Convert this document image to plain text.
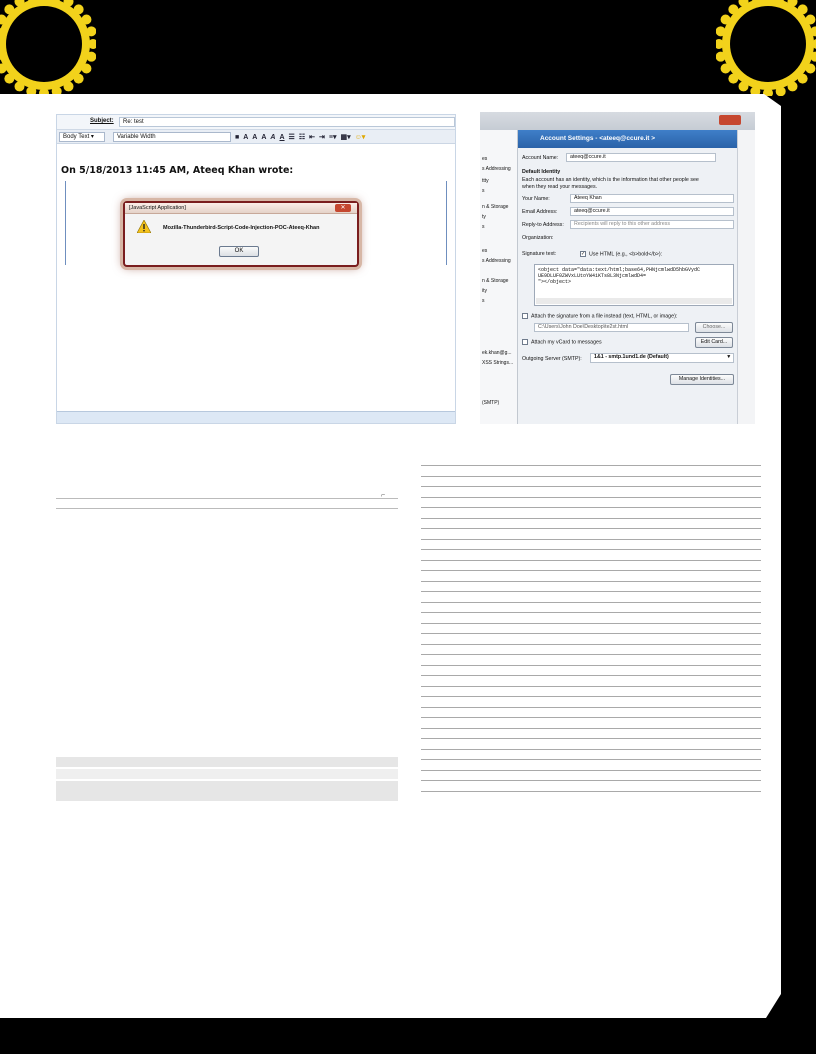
Subject:	Re: test
Body Text ▾	Variable Width	■ A A A A A ☰ ☷ ⇤ ⇥ ≡▾ ▦▾ ☺▾
On 5/18/2013 11:45 AM, Ateeq Khan wrote:
[JavaScript Application]	✕
Mozilla-Thunderbird-Script-Code-Injection-POC-Ateeq-Khan
OK
es
s Addressing
ttty
s
n & Storage
ty
s
es
s Addressing
n & Storage
ity
s
ek.khan@g...
XSS Strings...
(SMTP)
Account Settings - <ateeq@ccure.it >
Account Name:	ateeq@ccure.it
Default Identity
Each account has an identity, which is the information that other people see
when they read your messages.
Your Name:	Ateeq Khan
Email Address:	ateeq@ccure.it
Reply-to Address:	Recipients will reply to this other address
Organization:
Signature text:	✓ Use HTML (e.g., <b>bold</b>):
<object data="data:text/html;base64,PHNjcmlwdD5hbGVydC
UE9DLUF0ZWVxLUtoYW4iKTs8L3NjcmlwdD4=
"></object>
Attach the signature from a file instead (text, HTML, or image):
C:\Users\John Doe\Desktop\te2st.html	Choose...
Attach my vCard to messages	Edit Card...
Outgoing Server (SMTP):	1&1 - smtp.1und1.de (Default)	▾
Manage Identities...
⌐
